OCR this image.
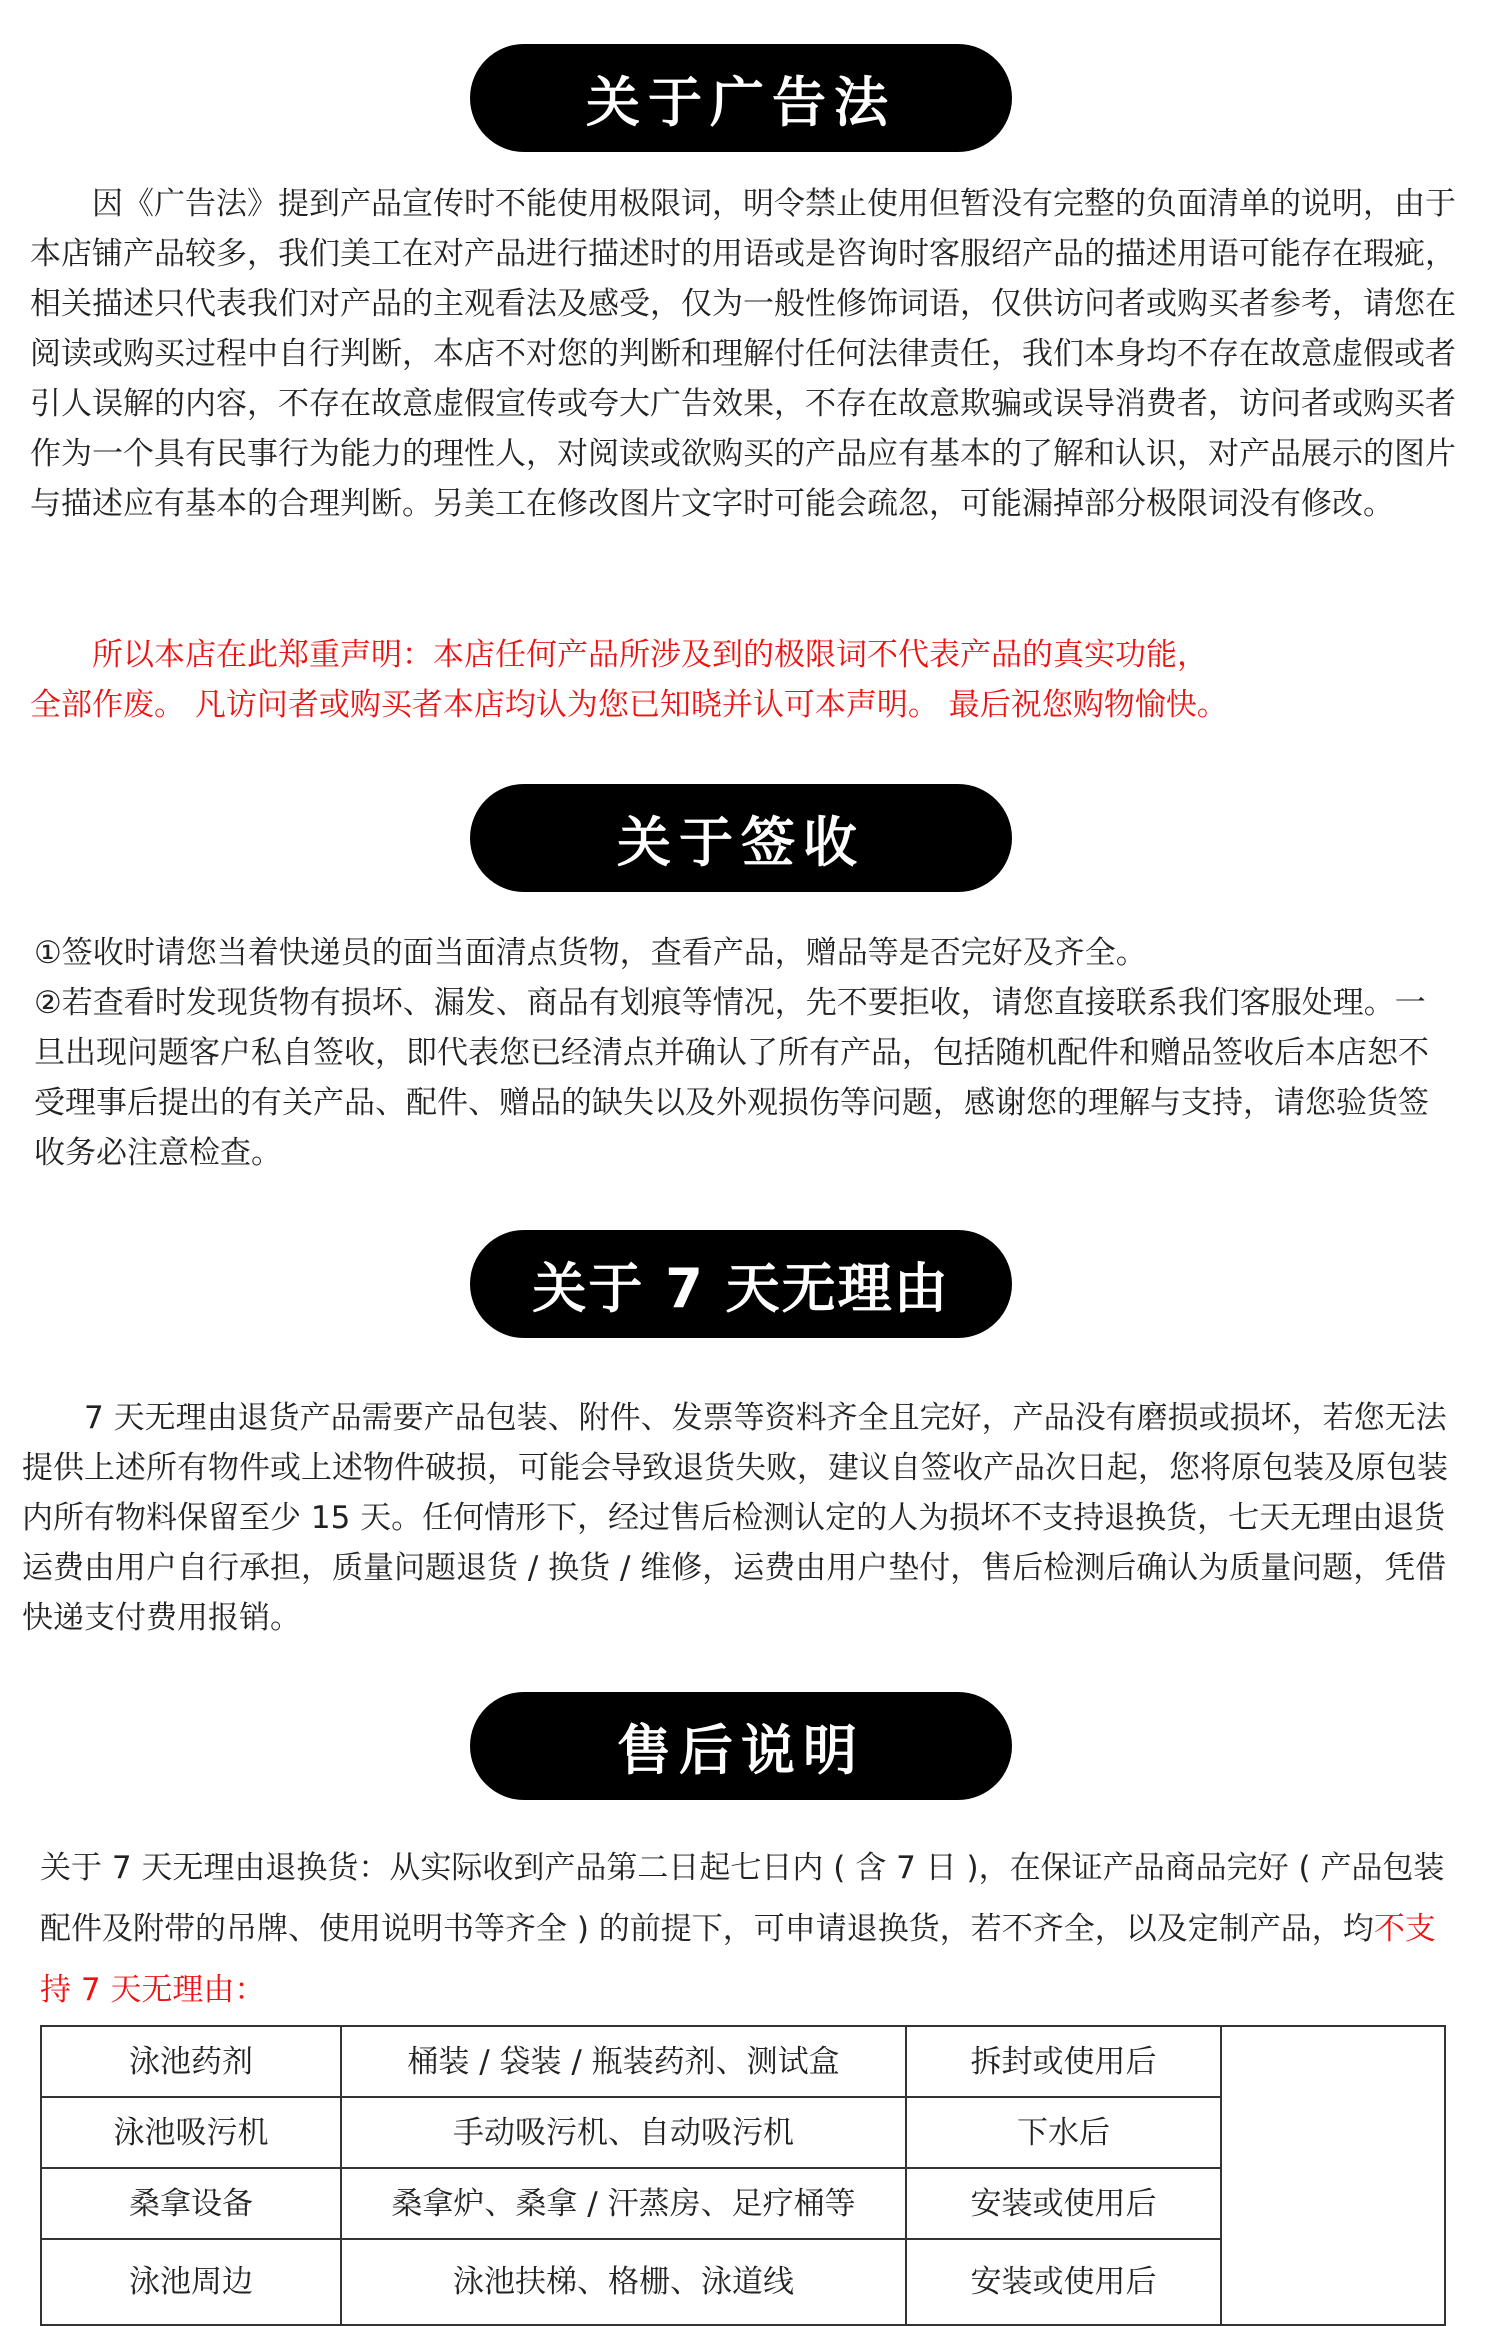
关于广告法
因《广告法》提到产品宣传时不能使用极限词，明令禁止使用但暂没有完整的负面清单的说明，由于本店铺产品较多，我们美工在对产品进行描述时的用语或是咨询时客服绍产品的描述用语可能存在瑕疵，相关描述只代表我们对产品的主观看法及感受，仅为一般性修饰词语，仅供访问者或购买者参考，请您在阅读或购买过程中自行判断，本店不对您的判断和理解付任何法律责任，我们本身均不存在故意虚假或者引人误解的内容，不存在故意虚假宣传或夸大广告效果，不存在故意欺骗或误导消费者，访问者或购买者作为一个具有民事行为能力的理性人，对阅读或欲购买的产品应有基本的了解和认识，对产品展示的图片与描述应有基本的合理判断。另美工在修改图片文字时可能会疏忽，可能漏掉部分极限词没有修改。
所以本店在此郑重声明：本店任何产品所涉及到的极限词不代表产品的真实功能，
全部作废。 凡访问者或购买者本店均认为您已知晓并认可本声明。 最后祝您购物愉快。
关于签收
①签收时请您当着快递员的面当面清点货物，查看产品，赠品等是否完好及齐全。
②若查看时发现货物有损坏、漏发、商品有划痕等情况，先不要拒收，请您直接联系我们客服处理。一旦出现问题客户私自签收，即代表您已经清点并确认了所有产品，包括随机配件和赠品签收后本店恕不受理事后提出的有关产品、配件、赠品的缺失以及外观损伤等问题，感谢您的理解与支持，请您验货签收务必注意检查。
关于 7 天无理由
7 天无理由退货产品需要产品包装、附件、发票等资料齐全且完好，产品没有磨损或损坏，若您无法提供上述所有物件或上述物件破损，可能会导致退货失败，建议自签收产品次日起，您将原包装及原包装内所有物料保留至少 15 天。任何情形下，经过售后检测认定的人为损坏不支持退换货，七天无理由退货运费由用户自行承担，质量问题退货 / 换货 / 维修，运费由用户垫付，售后检测后确认为质量问题，凭借快递支付费用报销。
售后说明
关于 7 天无理由退换货：从实际收到产品第二日起七日内 ( 含 7 日 )，在保证产品商品完好 ( 产品包装配件及附带的吊牌、使用说明书等齐全 ) 的前提下，可申请退换货，若不齐全，以及定制产品，均不支持 7 天无理由：
泳池药剂	桶装 / 袋装 / 瓶装药剂、测试盒	拆封或使用后	
泳池吸污机	手动吸污机、自动吸污机	下水后	
桑拿设备	桑拿炉、桑拿 / 汗蒸房、足疗桶等	安装或使用后	
泳池周边	泳池扶梯、格栅、泳道线	安装或使用后	
